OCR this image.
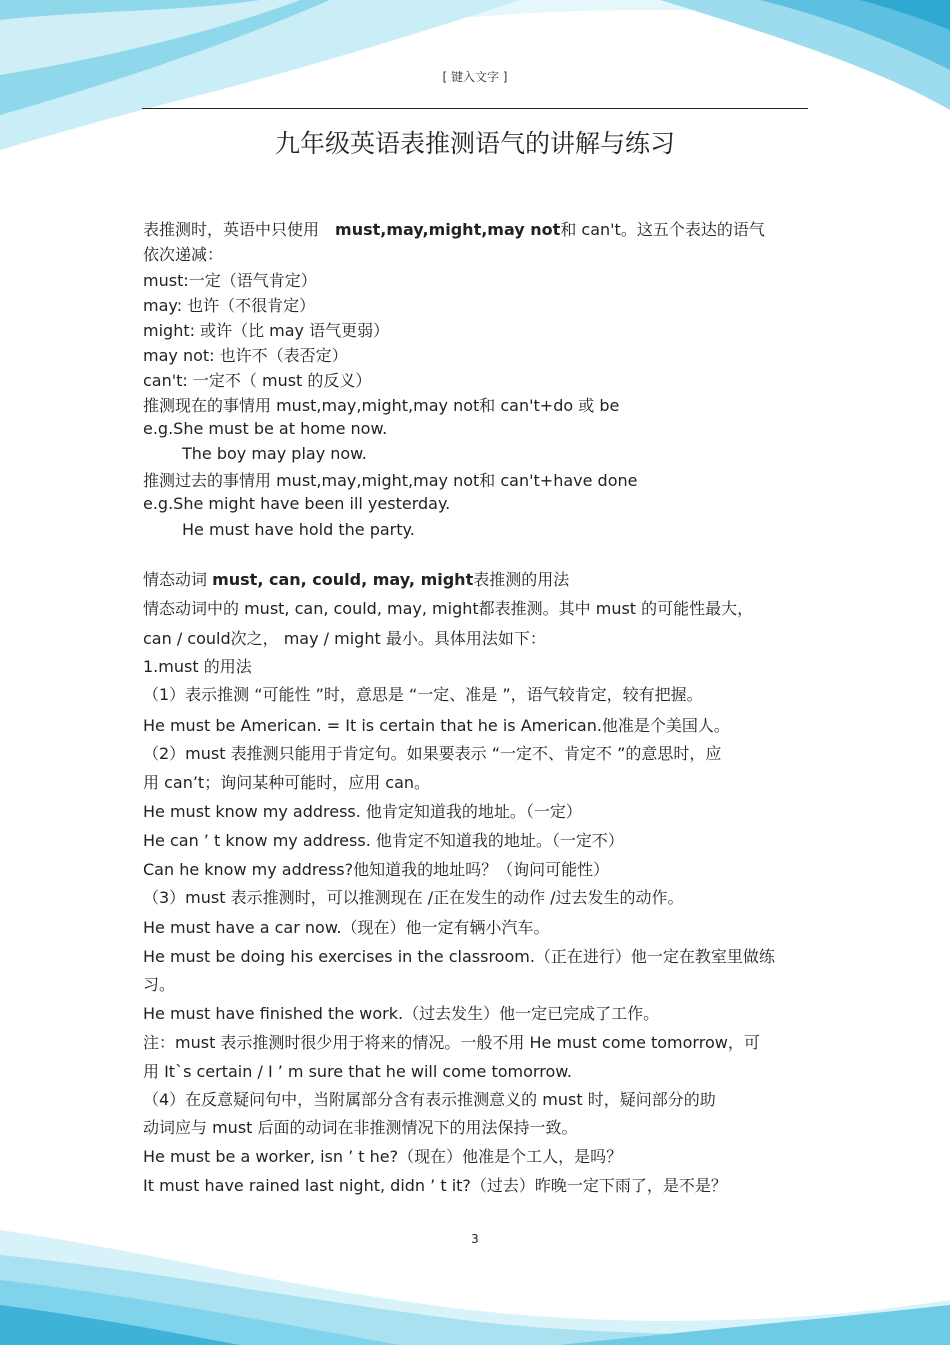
[ 键入文字 ]
九年级英语表推测语气的讲解与练习
表推测时，英语中只使用　must,may,might,may not和 can't。这五个表达的语气
依次递减：
must:一定（语气肯定）
may: 也许（不很肯定）
might: 或许（比 may 语气更弱）
may not: 也许不（表否定）
can't: 一定不（ must 的反义）
推测现在的事情用 must,may,might,may not和 can't+do 或 be
e.g.She must be at home now.
The boy may play now.
推测过去的事情用 must,may,might,may not和 can't+have done
e.g.She might have been ill yesterday.
He must have hold the party.
情态动词 must, can, could, may, might表推测的用法
情态动词中的 must, can, could, may, might都表推测。其中 must 的可能性最大，
can / could次之， may / might 最小。具体用法如下：
1.must 的用法
（1）表示推测 “可能性 ”时，意思是 “一定、准是 ”，语气较肯定，较有把握。
He must be American. = It is certain that he is American.他准是个美国人。
（2）must 表推测只能用于肯定句。如果要表示 “一定不、肯定不 ”的意思时，应
用 can’t；询问某种可能时，应用 can。
He must know my address. 他肯定知道我的地址。（一定）
He can ’ t know my address. 他肯定不知道我的地址。（一定不）
Can he know my address?他知道我的地址吗？（询问可能性）
（3）must 表示推测时，可以推测现在 /正在发生的动作 /过去发生的动作。
He must have a car now.（现在）他一定有辆小汽车。
He must be doing his exercises in the classroom.（正在进行）他一定在教室里做练
习。
He must have finished the work.（过去发生）他一定已完成了工作。
注：must 表示推测时很少用于将来的情况。一般不用 He must come tomorrow，可
用 It`s certain / I ’ m sure that he will come tomorrow.
（4）在反意疑问句中，当附属部分含有表示推测意义的 must 时，疑问部分的助
动词应与 must 后面的动词在非推测情况下的用法保持一致。
He must be a worker, isn ’ t he?（现在）他准是个工人，是吗？
It must have rained last night, didn ’ t it?（过去）昨晚一定下雨了，是不是？
3
